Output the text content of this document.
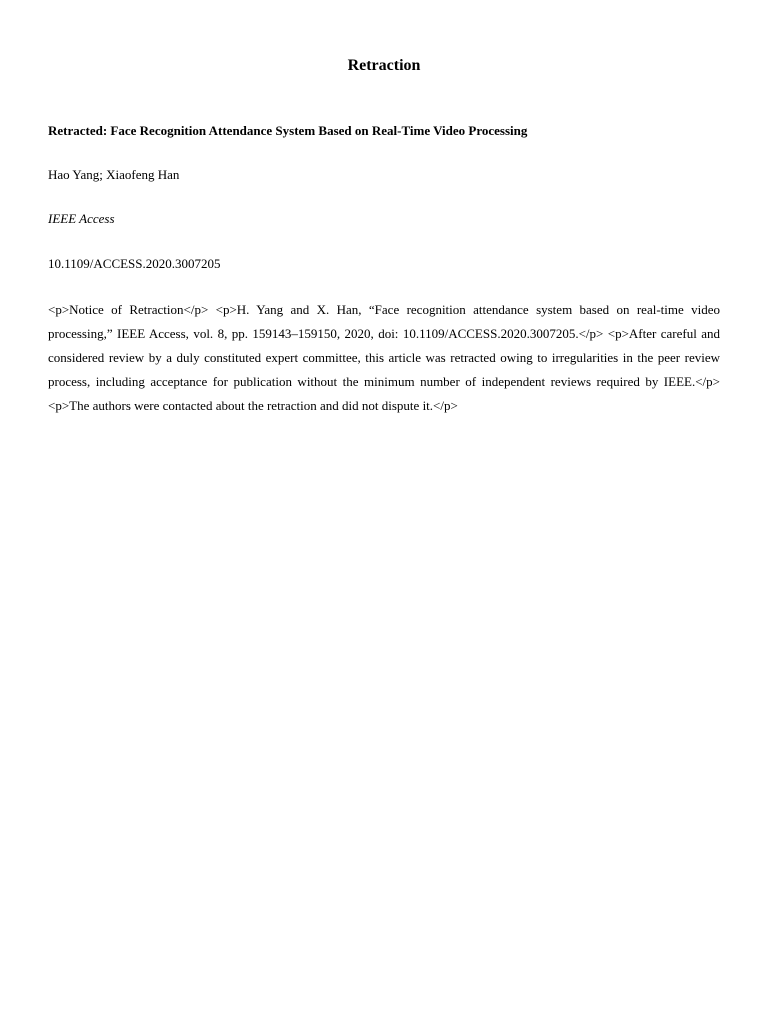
Retraction

Retracted: Face Recognition Attendance System Based on Real-Time Video Processing

Hao Yang; Xiaofeng Han

IEEE Access

10.1109/ACCESS.2020.3007205

<p>Notice of Retraction</p> <p>H. Yang and X. Han, “Face recognition attendance system based on real-time video processing,” IEEE Access, vol. 8, pp. 159143–159150, 2020, doi: 10.1109/ACCESS.2020.3007205.</p> <p>After careful and considered review by a duly constituted expert committee, this article was retracted owing to irregularities in the peer review process, including acceptance for publication without the minimum number of independent reviews required by IEEE.</p> <p>The authors were contacted about the retraction and did not dispute it.</p>
